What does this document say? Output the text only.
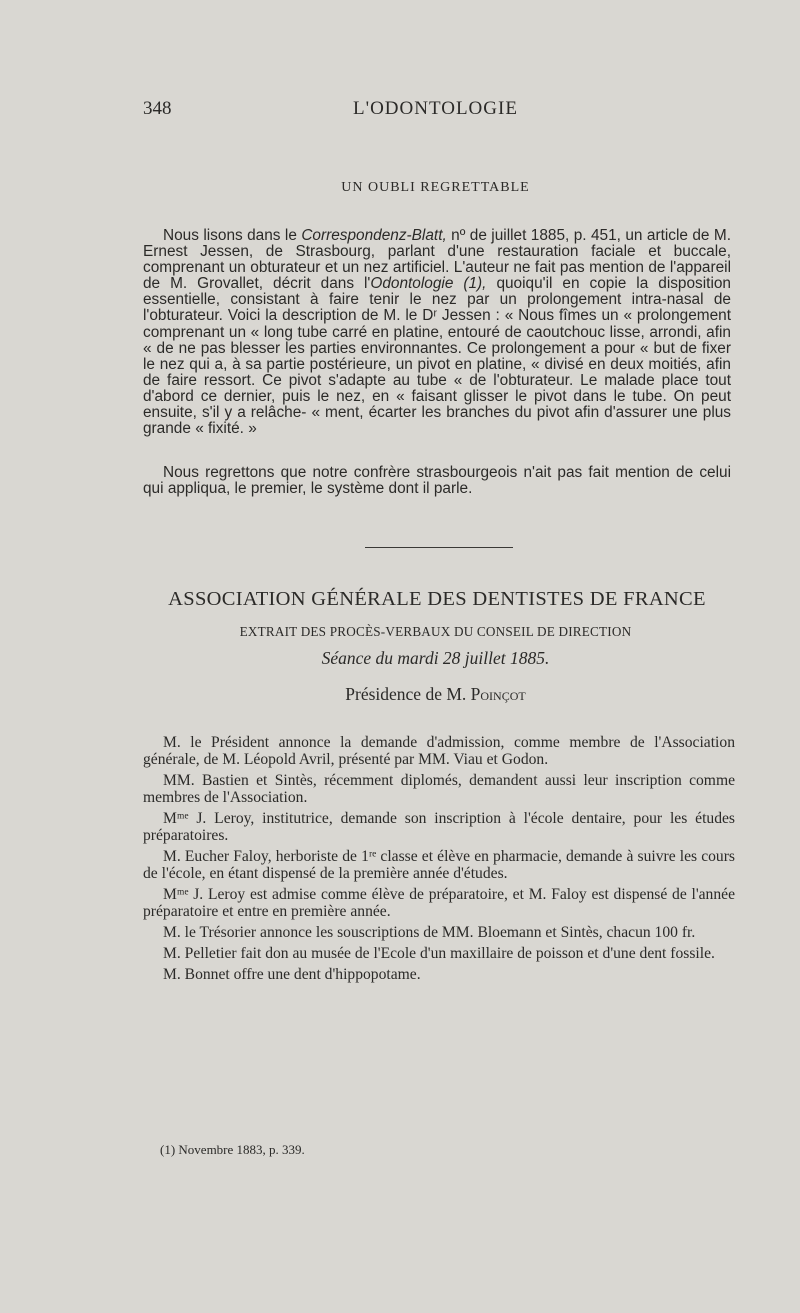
348	L'ODONTOLOGIE
UN OUBLI REGRETTABLE

Nous lisons dans le Correspondenz-Blatt, nº de juillet 1885, p. 451, un article de M. Ernest Jessen, de Strasbourg, parlant d'une restauration faciale et buccale, comprenant un obturateur et un nez artificiel. L'auteur ne fait pas mention de l'appareil de M. Grovallet, décrit dans l'Odontologie (1), quoiqu'il en copie la disposition essentielle, consistant à faire tenir le nez par un prolongement intra-nasal de l'obturateur. Voici la description de M. le Dʳ Jessen : « Nous fîmes un « prolongement comprenant un « long tube carré en platine, entouré de caoutchouc lisse, arrondi, afin « de ne pas blesser les parties environnantes. Ce prolongement a pour « but de fixer le nez qui a, à sa partie postérieure, un pivot en platine, « divisé en deux moitiés, afin de faire ressort. Ce pivot s'adapte au tube « de l'obturateur. Le malade place tout d'abord ce dernier, puis le nez, en « faisant glisser le pivot dans le tube. On peut ensuite, s'il y a relâche- « ment, écarter les branches du pivot afin d'assurer une plus grande « fixité. »

Nous regrettons que notre confrère strasbourgeois n'ait pas fait mention de celui qui appliqua, le premier, le système dont il parle.

ASSOCIATION GÉNÉRALE DES DENTISTES DE FRANCE
EXTRAIT DES PROCÈS-VERBAUX DU CONSEIL DE DIRECTION
Séance du mardi 28 juillet 1885.
Présidence de M. Poinçot

M. le Président annonce la demande d'admission, comme membre de l'Association générale, de M. Léopold Avril, présenté par MM. Viau et Godon.

MM. Bastien et Sintès, récemment diplomés, demandent aussi leur inscription comme membres de l'Association.

Mᵐᵉ J. Leroy, institutrice, demande son inscription à l'école dentaire, pour les études préparatoires.

M. Eucher Faloy, herboriste de 1ʳᵉ classe et élève en pharmacie, demande à suivre les cours de l'école, en étant dispensé de la première année d'études.

Mᵐᵉ J. Leroy est admise comme élève de préparatoire, et M. Faloy est dispensé de l'année préparatoire et entre en première année.

M. le Trésorier annonce les souscriptions de MM. Bloemann et Sintès, chacun 100 fr.

M. Pelletier fait don au musée de l'Ecole d'un maxillaire de poisson et d'une dent fossile.

M. Bonnet offre une dent d'hippopotame.

(1) Novembre 1883, p. 339.
